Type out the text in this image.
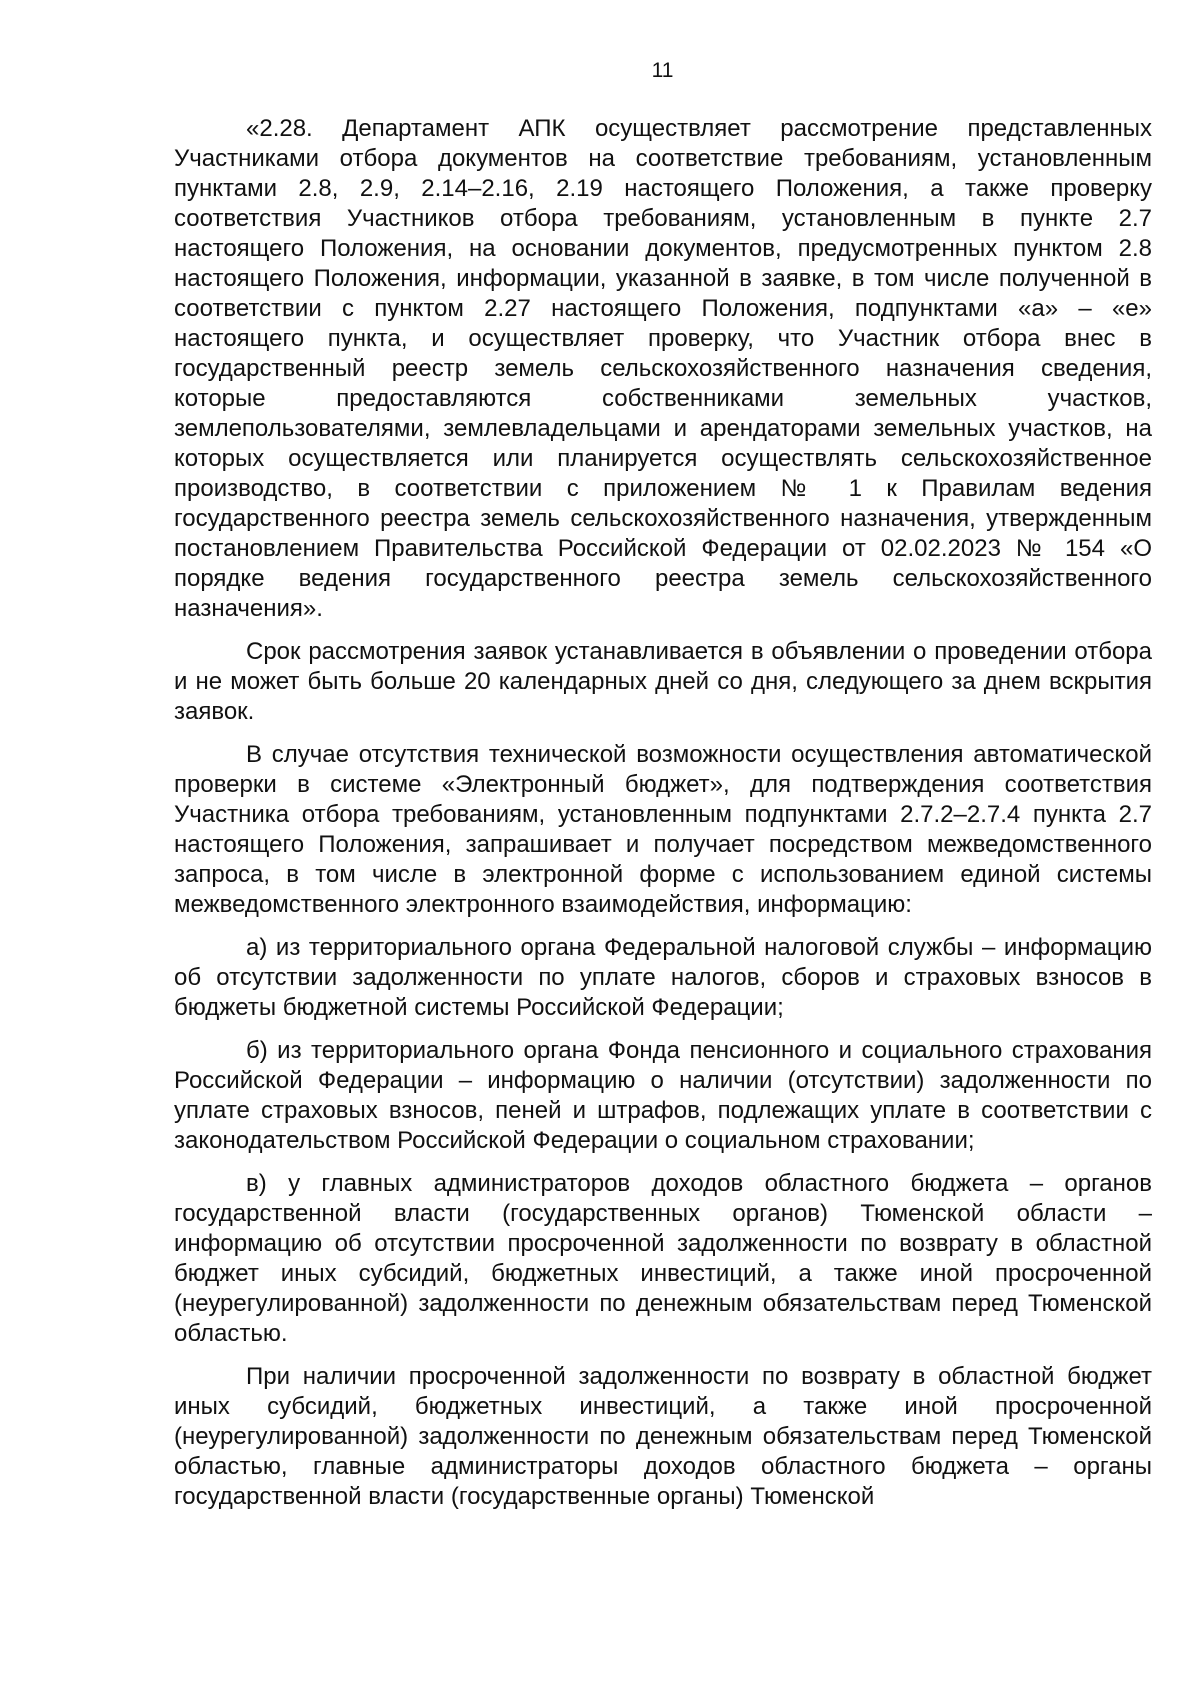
11

«2.28. Департамент АПК осуществляет рассмотрение представленных Участниками отбора документов на соответствие требованиям, установленным пунктами 2.8, 2.9, 2.14–2.16, 2.19 настоящего Положения, а также проверку соответствия Участников отбора требованиям, установленным в пункте 2.7 настоящего Положения, на основании документов, предусмотренных пунктом 2.8 настоящего Положения, информации, указанной в заявке, в том числе полученной в соответствии с пунктом 2.27 настоящего Положения, подпунктами «а» – «е» настоящего пункта, и осуществляет проверку, что Участник отбора внес в государственный реестр земель сельскохозяйственного назначения сведения, которые предоставляются собственниками земельных участков, землепользователями, землевладельцами и арендаторами земельных участков, на которых осуществляется или планируется осуществлять сельскохозяйственное производство, в соответствии с приложением № 1 к Правилам ведения государственного реестра земель сельскохозяйственного назначения, утвержденным постановлением Правительства Российской Федерации от 02.02.2023 № 154 «О порядке ведения государственного реестра земель сельскохозяйственного назначения».

Срок рассмотрения заявок устанавливается в объявлении о проведении отбора и не может быть больше 20 календарных дней со дня, следующего за днем вскрытия заявок.

В случае отсутствия технической возможности осуществления автоматической проверки в системе «Электронный бюджет», для подтверждения соответствия Участника отбора требованиям, установленным подпунктами 2.7.2–2.7.4 пункта 2.7 настоящего Положения, запрашивает и получает посредством межведомственного запроса, в том числе в электронной форме с использованием единой системы межведомственного электронного взаимодействия, информацию:

а) из территориального органа Федеральной налоговой службы – информацию об отсутствии задолженности по уплате налогов, сборов и страховых взносов в бюджеты бюджетной системы Российской Федерации;

б) из территориального органа Фонда пенсионного и социального страхования Российской Федерации – информацию о наличии (отсутствии) задолженности по уплате страховых взносов, пеней и штрафов, подлежащих уплате в соответствии с законодательством Российской Федерации о социальном страховании;

в) у главных администраторов доходов областного бюджета – органов государственной власти (государственных органов) Тюменской области – информацию об отсутствии просроченной задолженности по возврату в областной бюджет иных субсидий, бюджетных инвестиций, а также иной просроченной (неурегулированной) задолженности по денежным обязательствам перед Тюменской областью.

При наличии просроченной задолженности по возврату в областной бюджет иных субсидий, бюджетных инвестиций, а также иной просроченной (неурегулированной) задолженности по денежным обязательствам перед Тюменской областью, главные администраторы доходов областного бюджета – органы государственной власти (государственные органы) Тюменской
